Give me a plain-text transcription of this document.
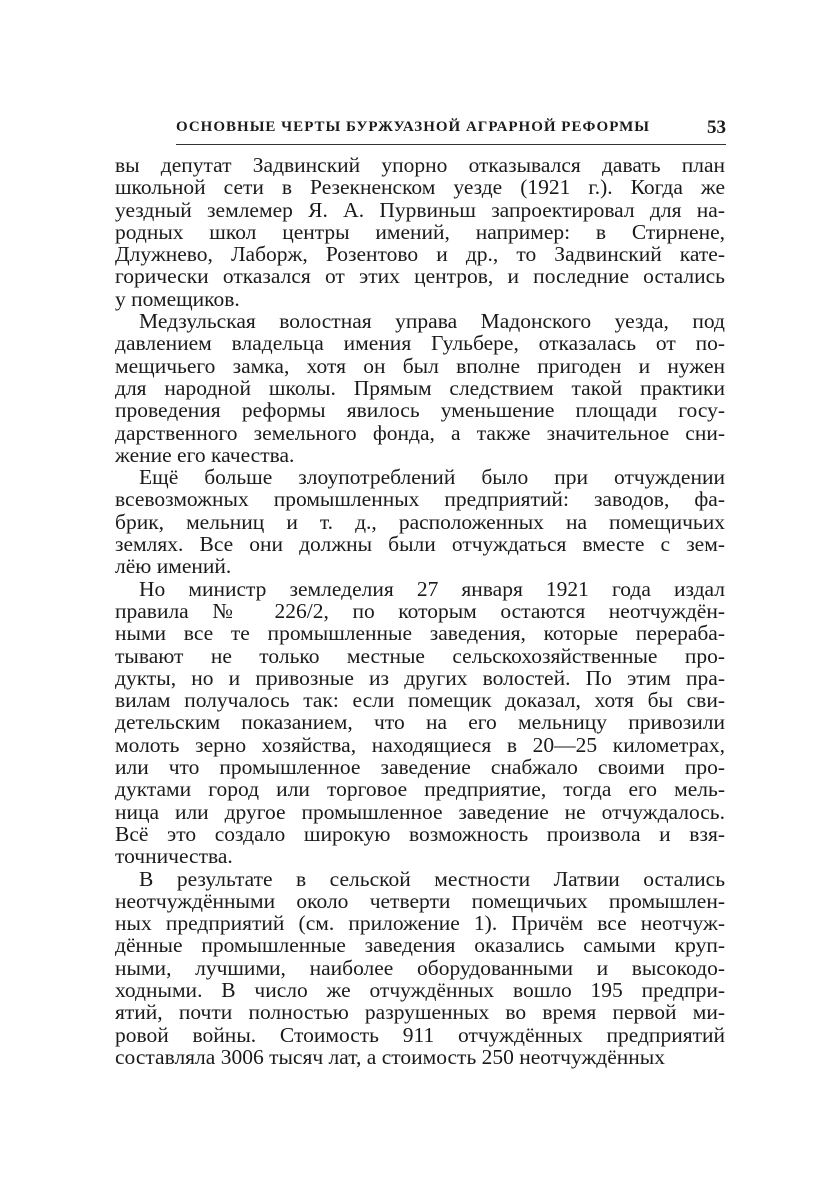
ОСНОВНЫЕ ЧЕРТЫ БУРЖУАЗНОЙ АГРАРНОЙ РЕФОРМЫ	53
вы депутат Задвинский упорно отказывался давать план
школьной сети в Резекненском уезде (1921 г.). Когда же
уездный землемер Я. А. Пурвиньш запроектировал для на-
родных школ центры имений, например: в Стирнене,
Длужнево, Лаборж, Розентово и др., то Задвинский кате-
горически отказался от этих центров, и последние остались
у помещиков.
Медзульская волостная управа Мадонского уезда, под
давлением владельца имения Гульбере, отказалась от по-
мещичьего замка, хотя он был вполне пригоден и нужен
для народной школы. Прямым следствием такой практики
проведения реформы явилось уменьшение площади госу-
дарственного земельного фонда, а также значительное сни-
жение его качества.
Ещё больше злоупотреблений было при отчуждении
всевозможных промышленных предприятий: заводов, фа-
брик, мельниц и т. д., расположенных на помещичьих
землях. Все они должны были отчуждаться вместе с зем-
лёю имений.
Но министр земледелия 27 января 1921 года издал
правила № 226/2, по которым остаются неотчуждён-
ными все те промышленные заведения, которые перераба-
тывают не только местные сельскохозяйственные про-
дукты, но и привозные из других волостей. По этим пра-
вилам получалось так: если помещик доказал, хотя бы сви-
детельским показанием, что на его мельницу привозили
молоть зерно хозяйства, находящиеся в 20—25 километрах,
или что промышленное заведение снабжало своими про-
дуктами город или торговое предприятие, тогда его мель-
ница или другое промышленное заведение не отчуждалось.
Всё это создало широкую возможность произвола и взя-
точничества.
В результате в сельской местности Латвии остались
неотчуждёнными около четверти помещичьих промышлен-
ных предприятий (см. приложение 1). Причём все неотчуж-
дённые промышленные заведения оказались самыми круп-
ными, лучшими, наиболее оборудованными и высокодо-
ходными. В число же отчуждённых вошло 195 предпри-
ятий, почти полностью разрушенных во время первой ми-
ровой войны. Стоимость 911 отчуждённых предприятий
составляла 3006 тысяч лат, а стоимость 250 неотчуждённых
